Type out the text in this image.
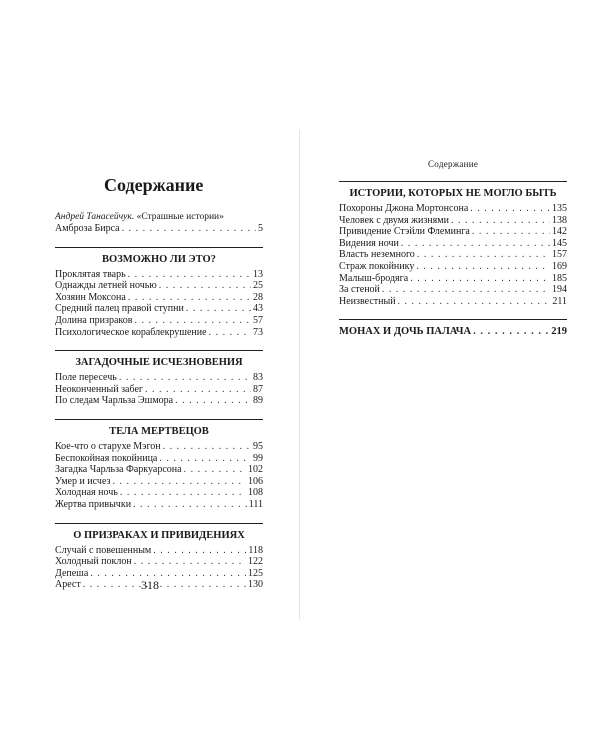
Содержание
Андрей Танасейчук. «Страшные истории»
Амброза Бирса . . .	5
ВОЗМОЖНО ЛИ ЭТО?
Проклятая тварь . . .	13
Однажды летней ночью . . .	25
Хозяин Моксона . . .	28
Средний палец правой ступни . . .	43
Долина призраков . . .	57
Психологическое кораблекрушение . . .	73
ЗАГАДОЧНЫЕ ИСЧЕЗНОВЕНИЯ
Поле пересечь . . .	83
Неоконченный забег . . .	87
По следам Чарльза Эшмора . . .	89
ТЕЛА МЕРТВЕЦОВ
Кое-что о старухе Мэгон . . .	95
Беспокойная покойница . . .	99
Загадка Чарльза Фаркуарсона . . .	102
Умер и исчез . . .	106
Холодная ночь . . .	108
Жертва привычки . . .	111
О ПРИЗРАКАХ И ПРИВИДЕНИЯХ
Случай с повешенным . . .	118
Холодный поклон . . .	122
Депеша . . .	125
Арест . . .	130
318
Содержание
ИСТОРИИ, КОТОРЫХ НЕ МОГЛО БЫТЬ
Похороны Джона Мортонсона . . .	135
Человек с двумя жизнями . . .	138
Привидение Стэйли Флеминга . . .	142
Видения ночи . . .	145
Власть неземного . . .	157
Страж покойнику . . .	169
Малыш-бродяга . . .	185
За стеной . . .	194
Неизвестный . . .	211
МОНАХ И ДОЧЬ ПАЛАЧА . . .	219
